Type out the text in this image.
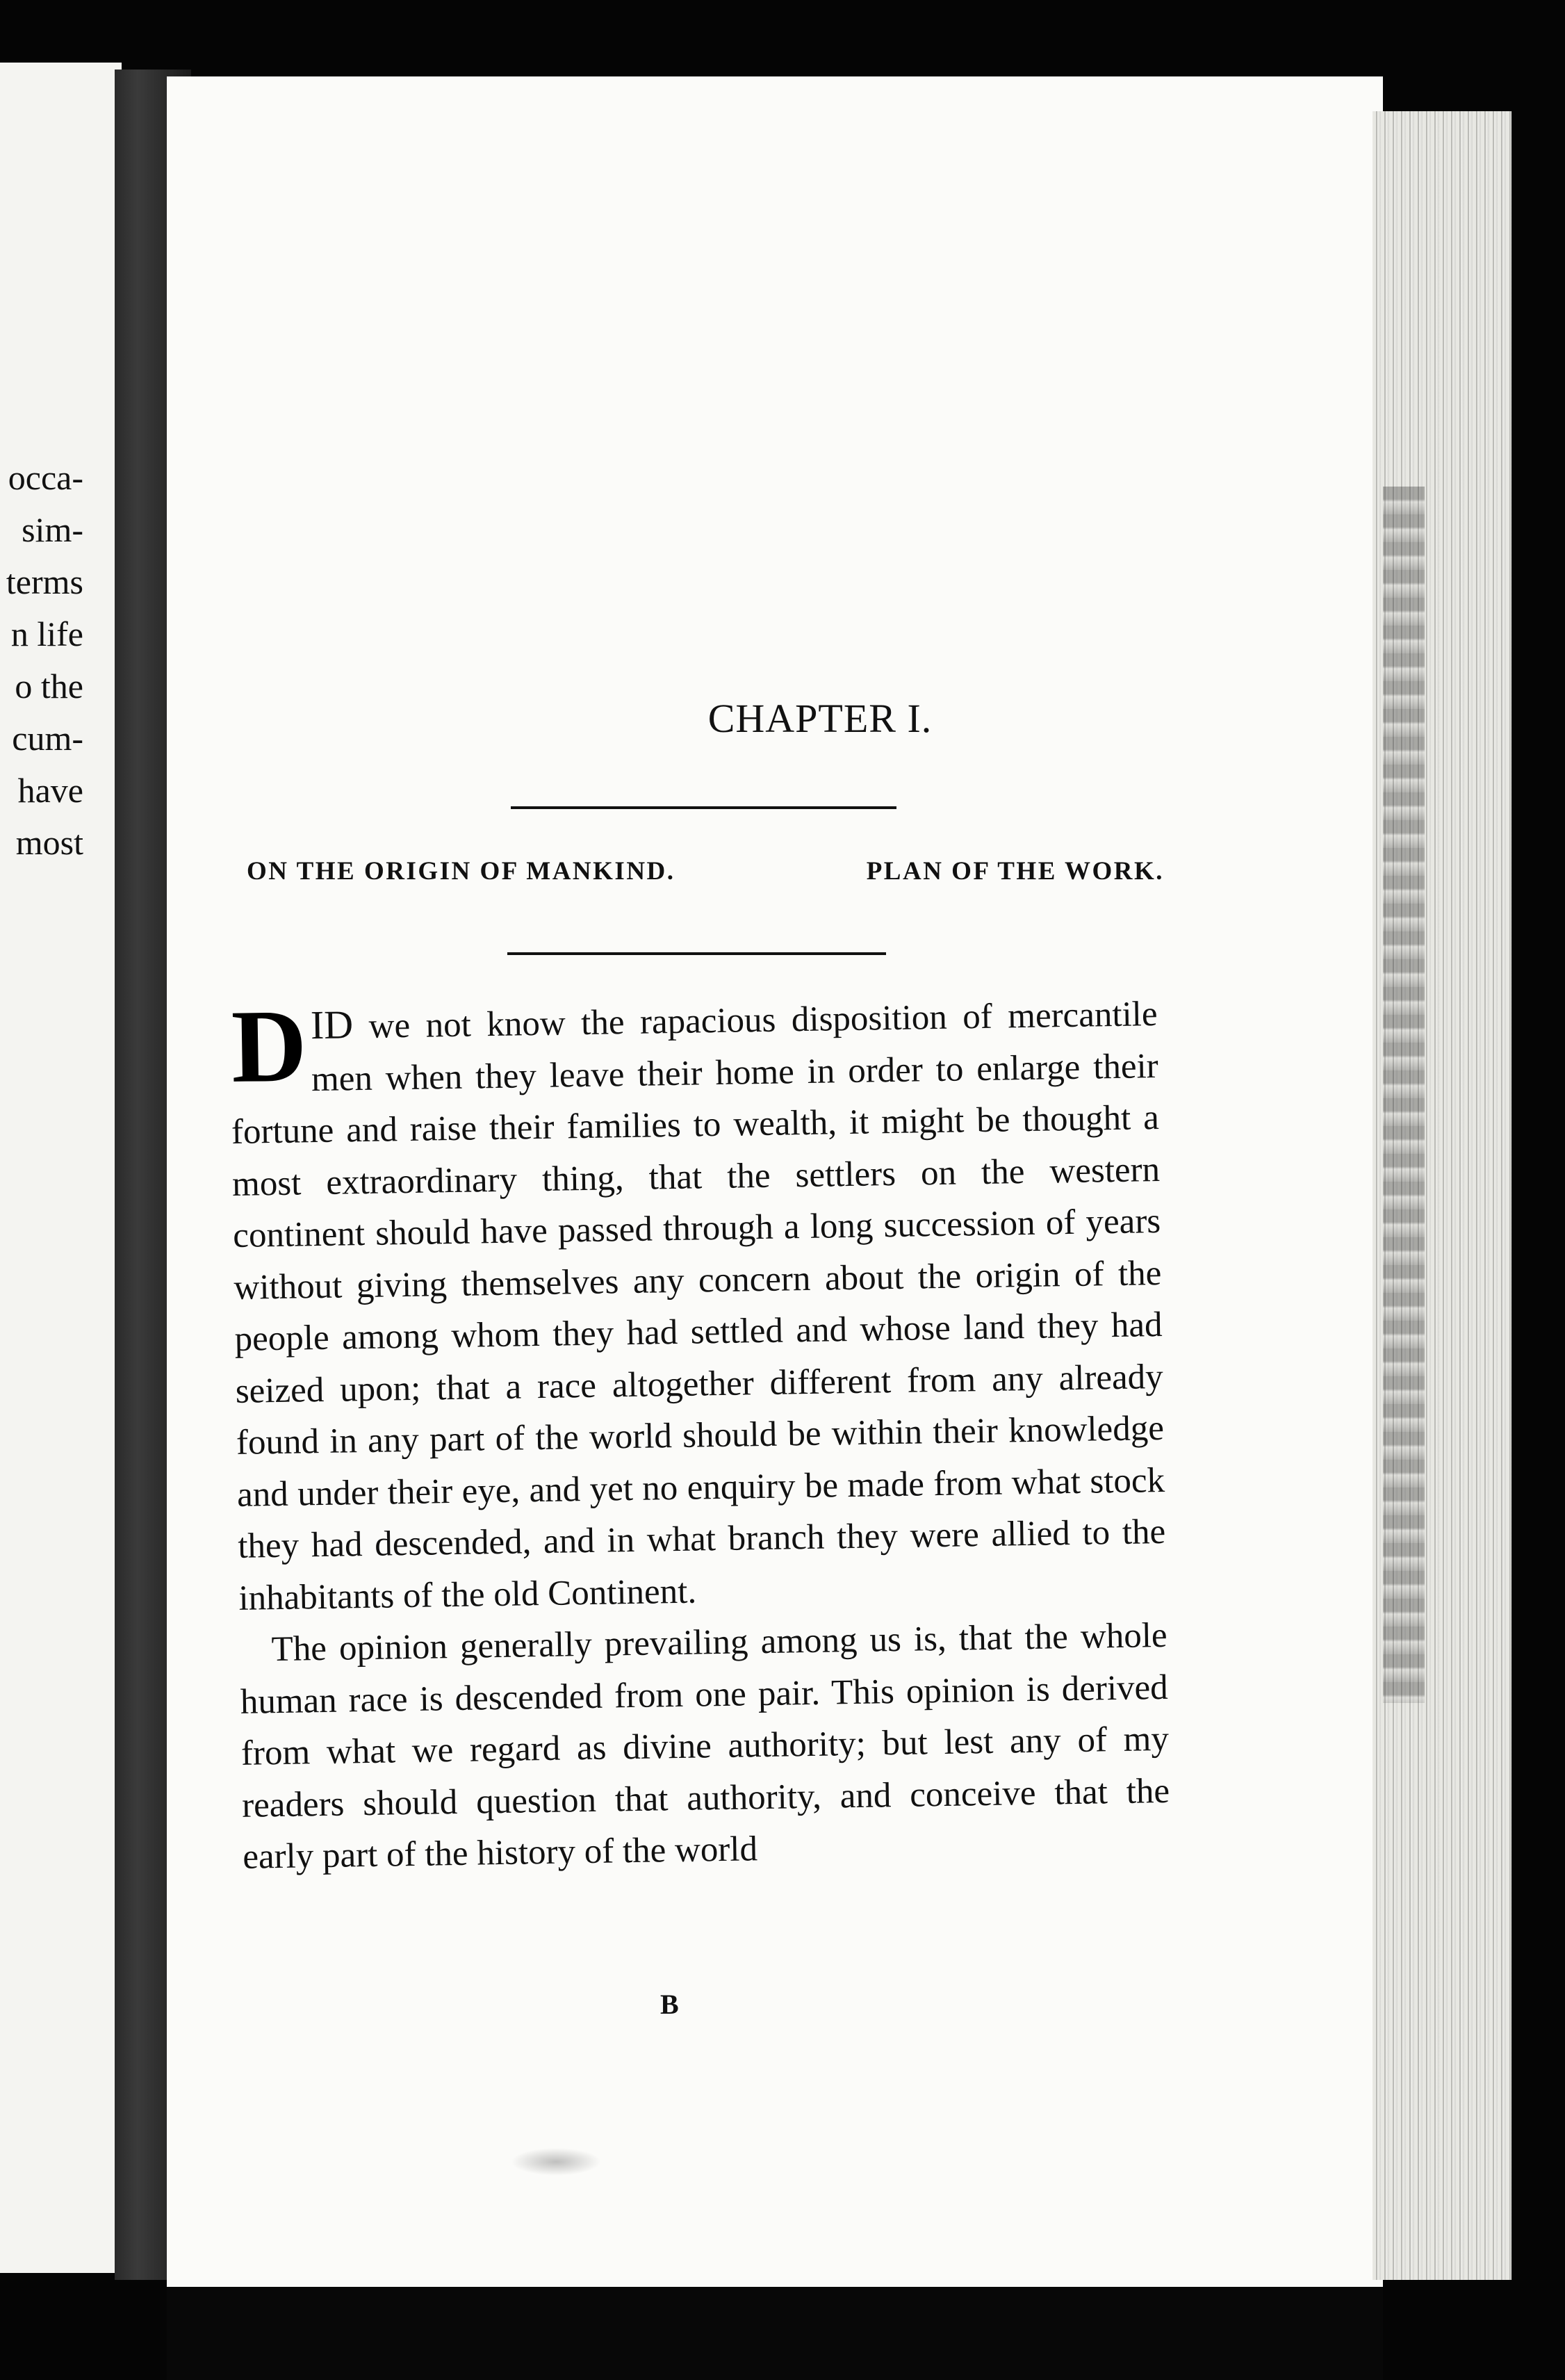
occa-
sim-
terms
n life
o the
cum-
have
most
CHAPTER I.
ON THE ORIGIN OF MANKIND.	PLAN OF THE WORK.

DID we not know the rapacious disposition of mercantile men when they leave their home in order to enlarge their fortune and raise their families to wealth, it might be thought a most extraordinary thing, that the settlers on the western continent should have passed through a long succession of years without giving themselves any concern about the origin of the people among whom they had settled and whose land they had seized upon; that a race altogether different from any already found in any part of the world should be within their knowledge and under their eye, and yet no enquiry be made from what stock they had descended, and in what branch they were allied to the inhabitants of the old Continent.

The opinion generally prevailing among us is, that the whole human race is descended from one pair. This opinion is derived from what we regard as divine authority; but lest any of my readers should question that authority, and conceive that the early part of the history of the world

B
